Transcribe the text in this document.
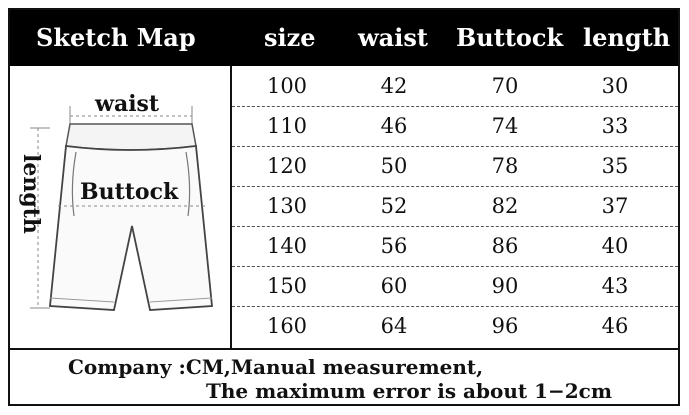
Sketch Map	size waist Buttock length
waist
Buttock
length
100	42	70	30
110	46	74	33
120	50	78	35
130	52	82	37
140	56	86	40
150	60	90	43
160	64	96	46
Company :CM,Manual measurement,
The maximum error is about 1−2cm
